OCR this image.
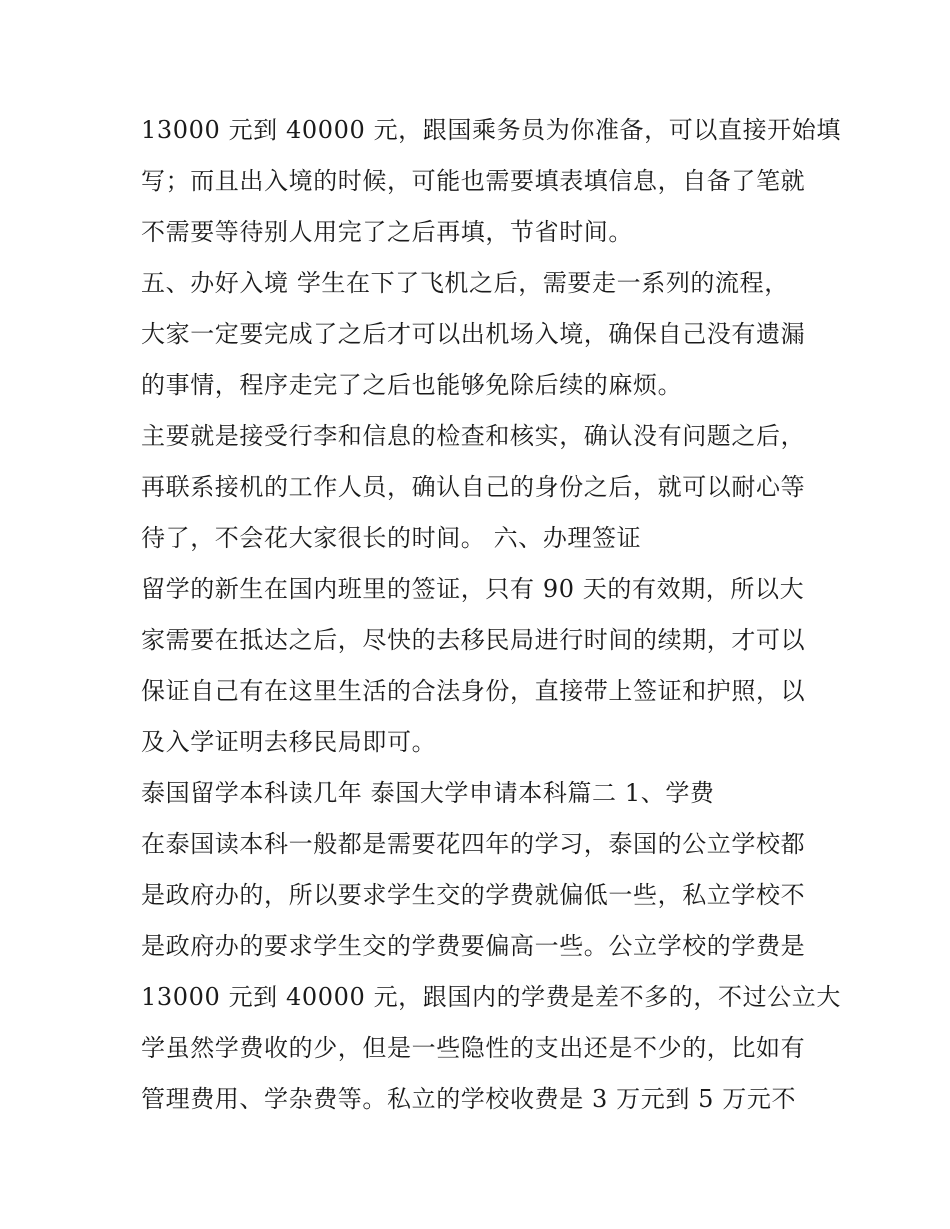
13000 元到 40000 元，跟国乘务员为你准备，可以直接开始填
写；而且出入境的时候，可能也需要填表填信息，自备了笔就
不需要等待别人用完了之后再填，节省时间。
五、办好入境 学生在下了飞机之后，需要走一系列的流程，
大家一定要完成了之后才可以出机场入境，确保自己没有遗漏
的事情，程序走完了之后也能够免除后续的麻烦。
主要就是接受行李和信息的检查和核实，确认没有问题之后，
再联系接机的工作人员，确认自己的身份之后，就可以耐心等
待了，不会花大家很长的时间。 六、办理签证
留学的新生在国内班里的签证，只有 90 天的有效期，所以大
家需要在抵达之后，尽快的去移民局进行时间的续期，才可以
保证自己有在这里生活的合法身份，直接带上签证和护照，以
及入学证明去移民局即可。
泰国留学本科读几年 泰国大学申请本科篇二 1、学费
在泰国读本科一般都是需要花四年的学习，泰国的公立学校都
是政府办的，所以要求学生交的学费就偏低一些，私立学校不
是政府办的要求学生交的学费要偏高一些。公立学校的学费是
13000 元到 40000 元，跟国内的学费是差不多的，不过公立大
学虽然学费收的少，但是一些隐性的支出还是不少的，比如有
管理费用、学杂费等。私立的学校收费是 3 万元到 5 万元不
